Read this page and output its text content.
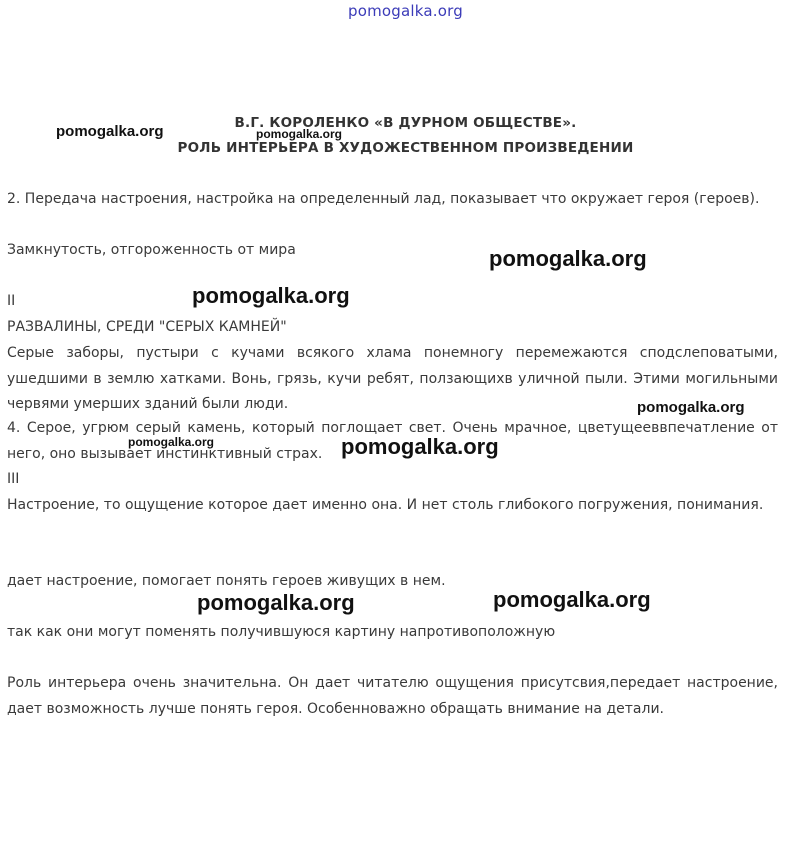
pomogalka.org
В.Г. КОРОЛЕНКО «В ДУРНОМ ОБЩЕСТВЕ».
РОЛЬ ИНТЕРЬЕРА В ХУДОЖЕСТВЕННОМ ПРОИЗВЕДЕНИИ
2. Передача настроения, настройка на определенный лад, показывает что окружает героя (героев).
Замкнутость, отгороженность от мира
II
РАЗВАЛИНЫ, СРЕДИ "СЕРЫХ КАМНЕЙ"
Серые заборы, пустыри с кучами всякого хлама понемногу перемежаются сподслеповатыми, ушедшими в землю хатками. Вонь, грязь, кучи ребят, ползающихв уличной пыли. Этими могильными червями умерших зданий были люди.
4. Серое, угрюм серый камень, который поглощает свет. Очень мрачное, цветущееввпечатление от него, оно вызывает инстинктивный страх.
III
Настроение, то ощущение которое дает именно она. И нет столь глибокого погружения, понимания.
дает настроение, помогает понять героев живущих в нем.
так как они могут поменять получившуюся картину напротивоположную
Роль интерьера очень значительна. Он дает читателю ощущения присутсвия,передает настроение, дает возможность лучше понять героя. Особенноважно обращать внимание на детали.
pomogalka.org	pomogalka.org
pomogalka.org
pomogalka.org
pomogalka.org
pomogalka.org	pomogalka.org
pomogalka.org	pomogalka.org
